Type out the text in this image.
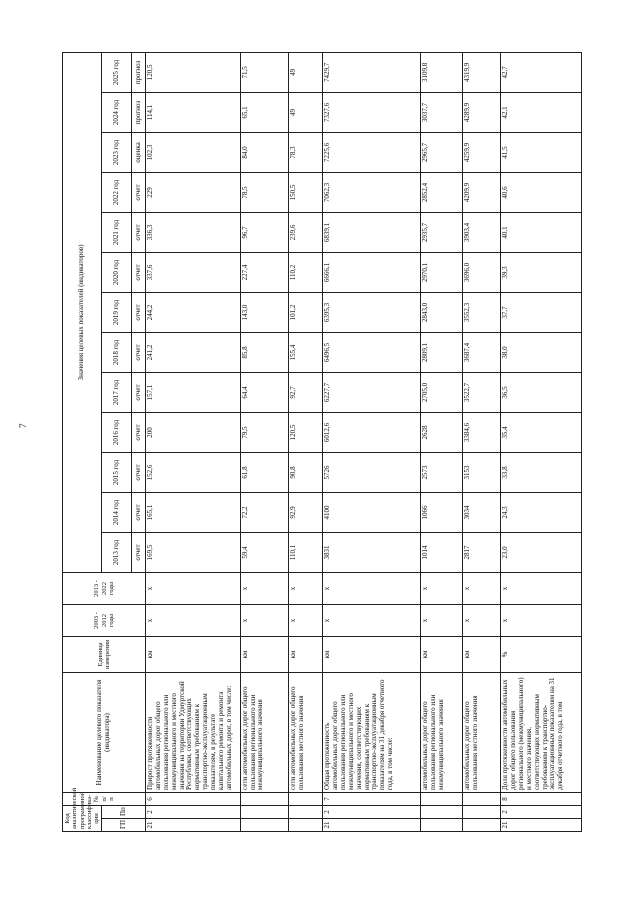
7
Код аналитической программной классифика-ции		№ п/п	Наименование целевого показателя (индикатора)	Единица измерения	2003 - 2012 годы	2013 - 2022 годы	Значения целевых показателей (индикаторов)												
ГП	Пп						2013 год	2014 год	2015 год	2016 год	2017 год	2018 год	2019 год	2020 год	2021 год	2022 год	2023 год	2024 год	2025 год
							отчет	отчет	отчет	отчет	отчет	отчет	отчет	отчет	отчет	отчет	оценка	прогноз	прогноз
21	2	6	Прирост протяженности автомобильных дорог общего пользования регионального или межмуниципального и местного значения на территории Удмуртской Республики, соответствующих нормативным требованиям к транспортно-эксплуатационным показателям, в результате капитального ремонта и ремонта автомобильных дорог, в том числе:	км	x	x	169,5	165,1	152,6	200	157,1	241,2	244,2	337,6	336,3	229	102,3	114,1	120,5
			сети автомобильных дорог общего пользования регионального или межмуниципального значения	км	x	x	59,4	72,2	61,8	79,5	64,4	85,8	143,0	227,4	96,7	78,5	84,0	65,1	71,5
			сети автомобильных дорог общего пользования местного значения	км	x	x	110,1	92,9	90,8	120,5	92,7	155,4	101,2	110,2	239,6	150,5	78,3	49	49
21	2	7	Общая протяженность автомобильных дорог общего пользования регионального или межмуниципального и местного значения, соответствующих нормативным требованиям к транспортно-эксплуатационным показателям на 31 декабря отчетного года, в том числе:	км	x	x	3831	4100	5726	6012,6	6227,7	6496,5	6395,3	6666,1	6839,1	7062,3	7225,6	7327,6	7429,7
			автомобильных дорог общего пользования регионального или межмуниципального значения	км	x	x	1014	1066	2573	2628	2705,0	2809,1	2843,0	2970,1	2935,7	2852,4	2965,7	3037,7	3109,8
			автомобильных дорог общего пользования местного значения	км	x	x	2817	3034	3153	3384,6	3522,7	3687,4	3552,3	3696,0	3903,4	4209,9	4259,9	4289,9	4319,9
21	2	8	Доля протяженности автомобильных дорог общего пользования регионального (межмуниципального) и местного значения, соответствующих нормативным требованиям к транспортно-эксплуатационным показателям на 31 декабря отчетного года, в том	%	x	x	23,0	24,3	33,8	35,4	36,5	38,0	37,7	39,3	40,1	40,6	41,5	42,1	42,7
